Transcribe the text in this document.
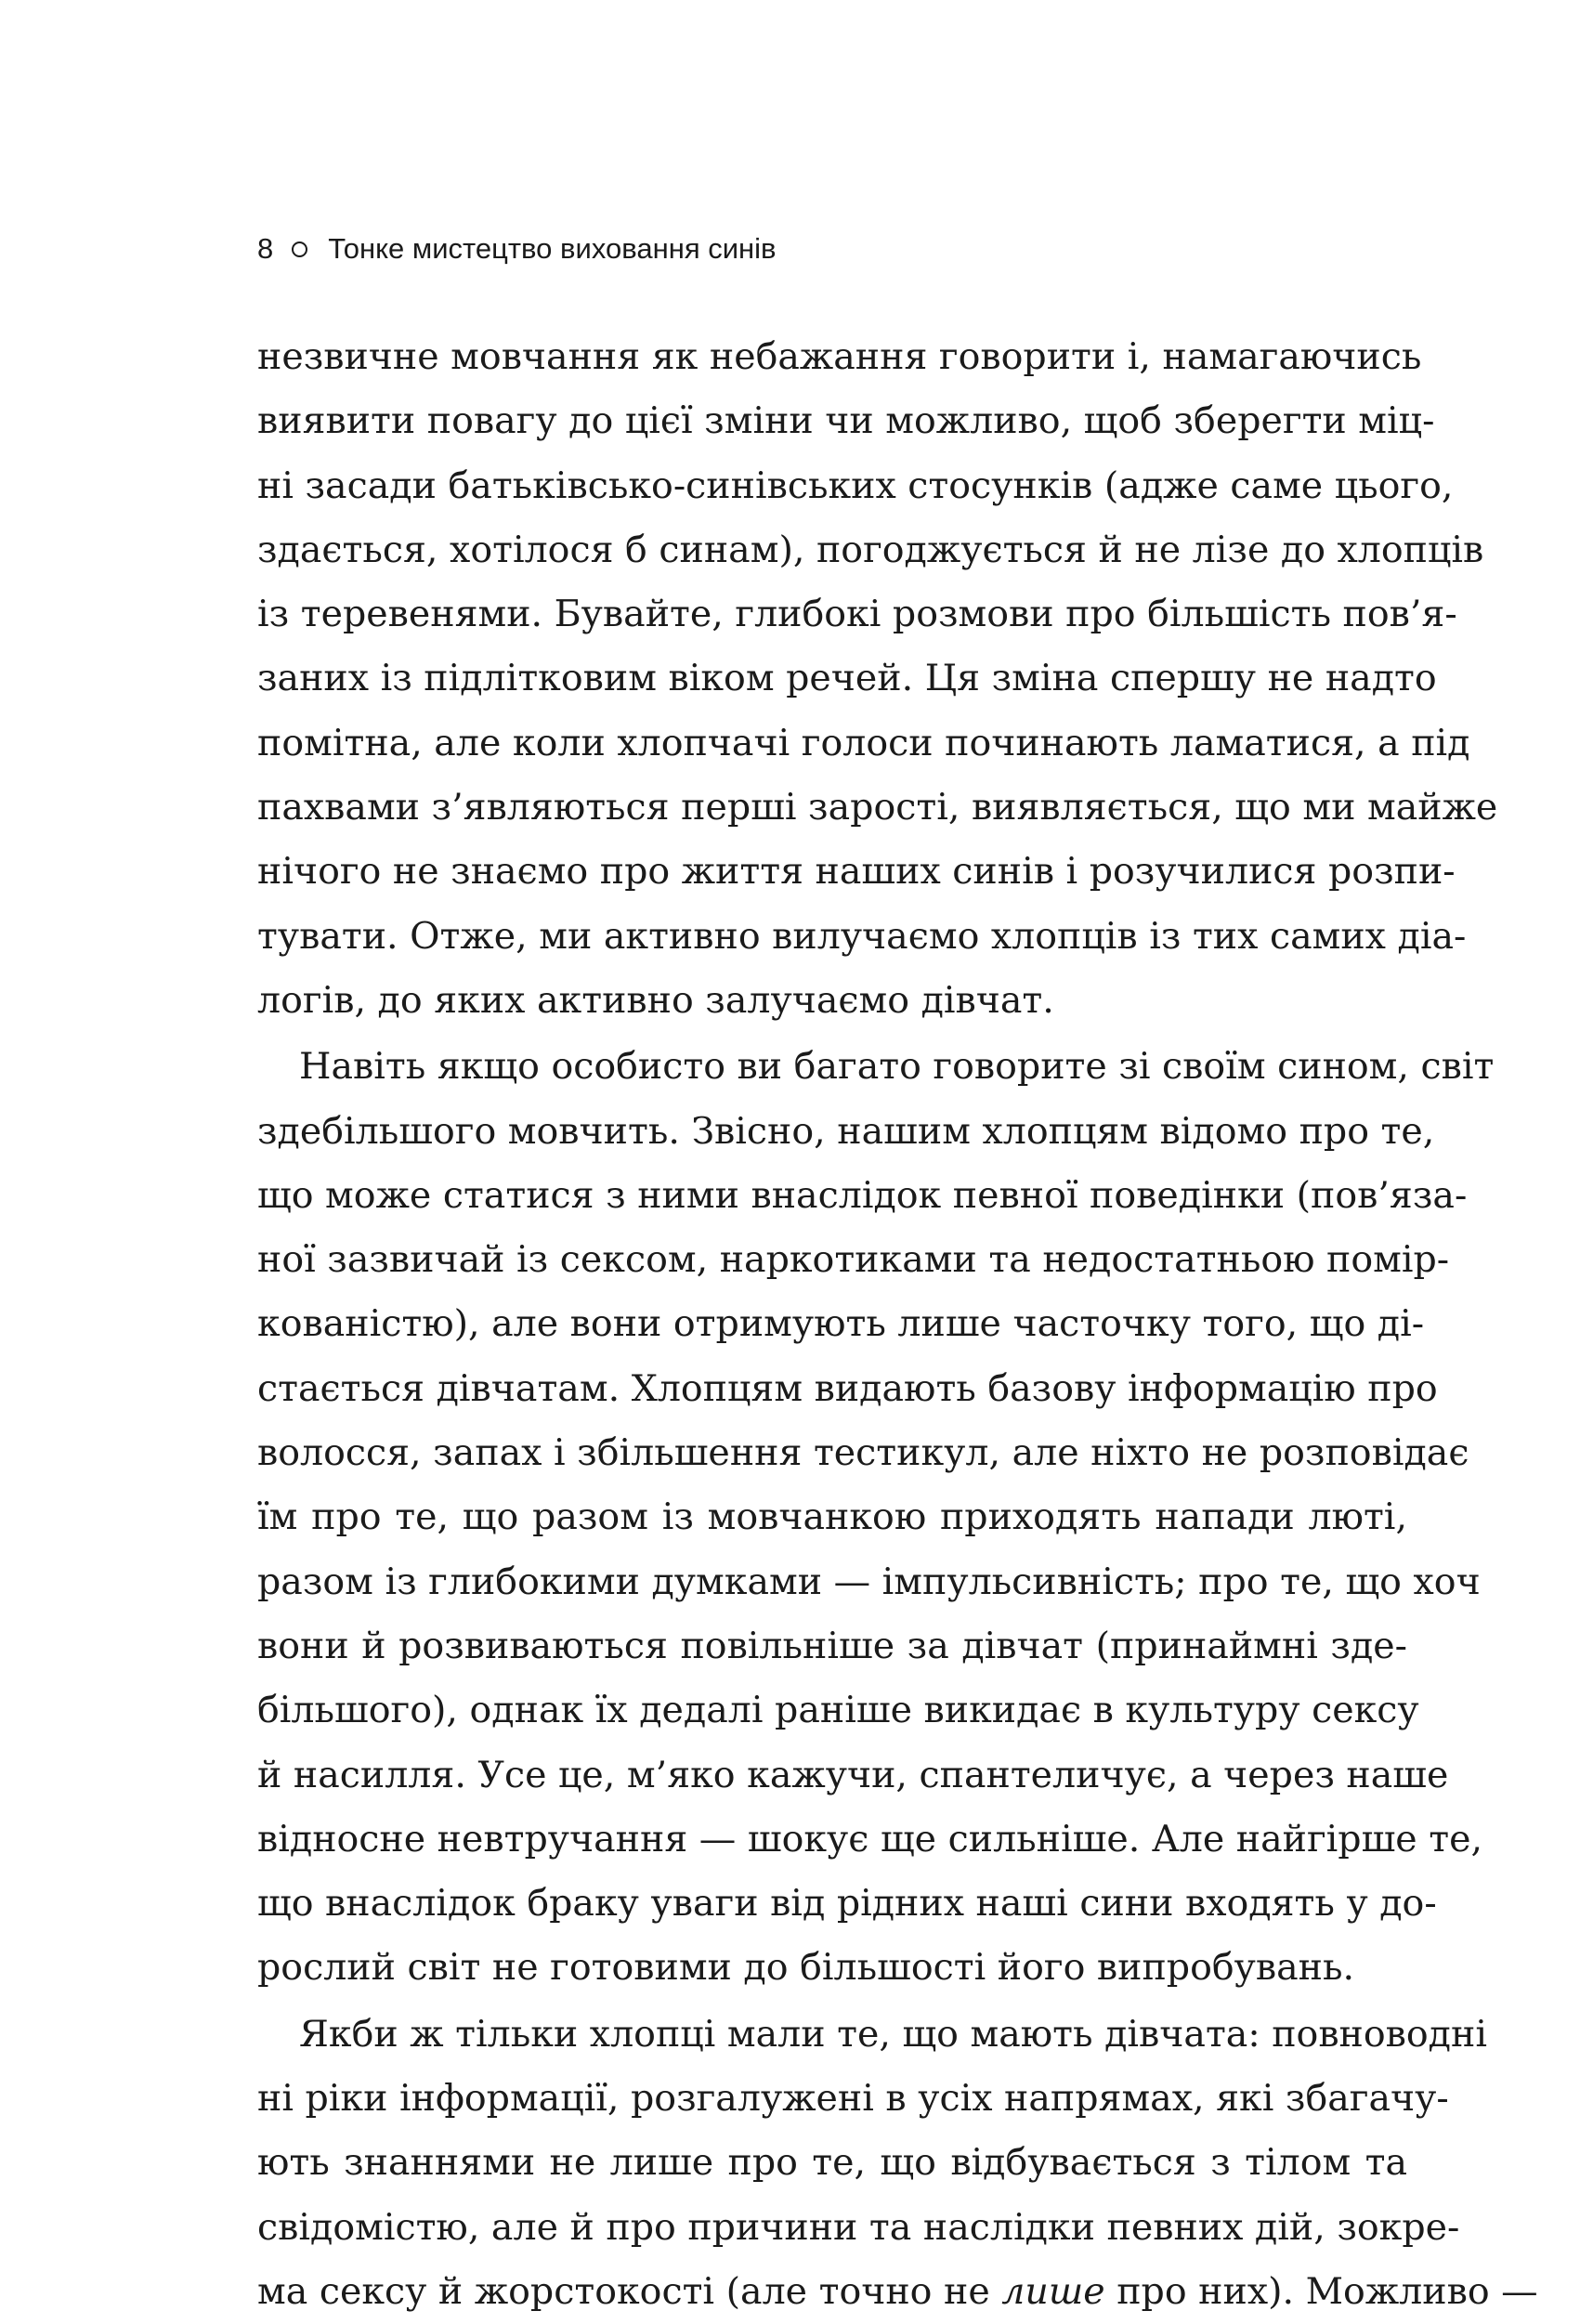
8 Тонке мистецтво виховання синів
незвичне мовчання як небажання говорити і, намагаючись
виявити повагу до цієї зміни чи можливо, щоб зберегти міц-
ні засади батьківсько-синівських стосунків (адже саме цього,
здається, хотілося б синам), погоджується й не лізе до хлопців
із теревенями. Бувайте, глибокі розмови про більшість пов’я-
заних із підлітковим віком речей. Ця зміна спершу не надто
помітна, але коли хлопчачі голоси починають ламатися, а під
пахвами з’являються перші зарості, виявляється, що ми майже
нічого не знаємо про життя наших синів і розучилися розпи-
тувати. Отже, ми активно вилучаємо хлопців із тих самих діа-
логів, до яких активно залучаємо дівчат.
Навіть якщо особисто ви багато говорите зі своїм сином, світ
здебільшого мовчить. Звісно, нашим хлопцям відомо про те,
що може статися з ними внаслідок певної поведінки (пов’яза-
ної зазвичай із сексом, наркотиками та недостатньою помір-
кованістю), але вони отримують лише часточку того, що ді-
стається дівчатам. Хлопцям видають базову інформацію про
волосся, запах і збільшення тестикул, але ніхто не розповідає
їм про те, що разом із мовчанкою приходять напади люті,
разом із глибокими думками — імпульсивність; про те, що хоч
вони й розвиваються повільніше за дівчат (принаймні зде-
більшого), однак їх дедалі раніше викидає в культуру сексу
й насилля. Усе це, м’яко кажучи, спантеличує, а через наше
відносне невтручання — шокує ще сильніше. Але найгірше те,
що внаслідок браку уваги від рідних наші сини входять у до-
рослий світ не готовими до більшості його випробувань.
Якби ж тільки хлопці мали те, що мають дівчата: повноводні
ні ріки інформації, розгалужені в усіх напрямах, які збагачу-
ють знаннями не лише про те, що відбувається з тілом та
свідомістю, але й про причини та наслідки певних дій, зокре-
ма сексу й жорстокості (але точно не лише про них). Можливо —
